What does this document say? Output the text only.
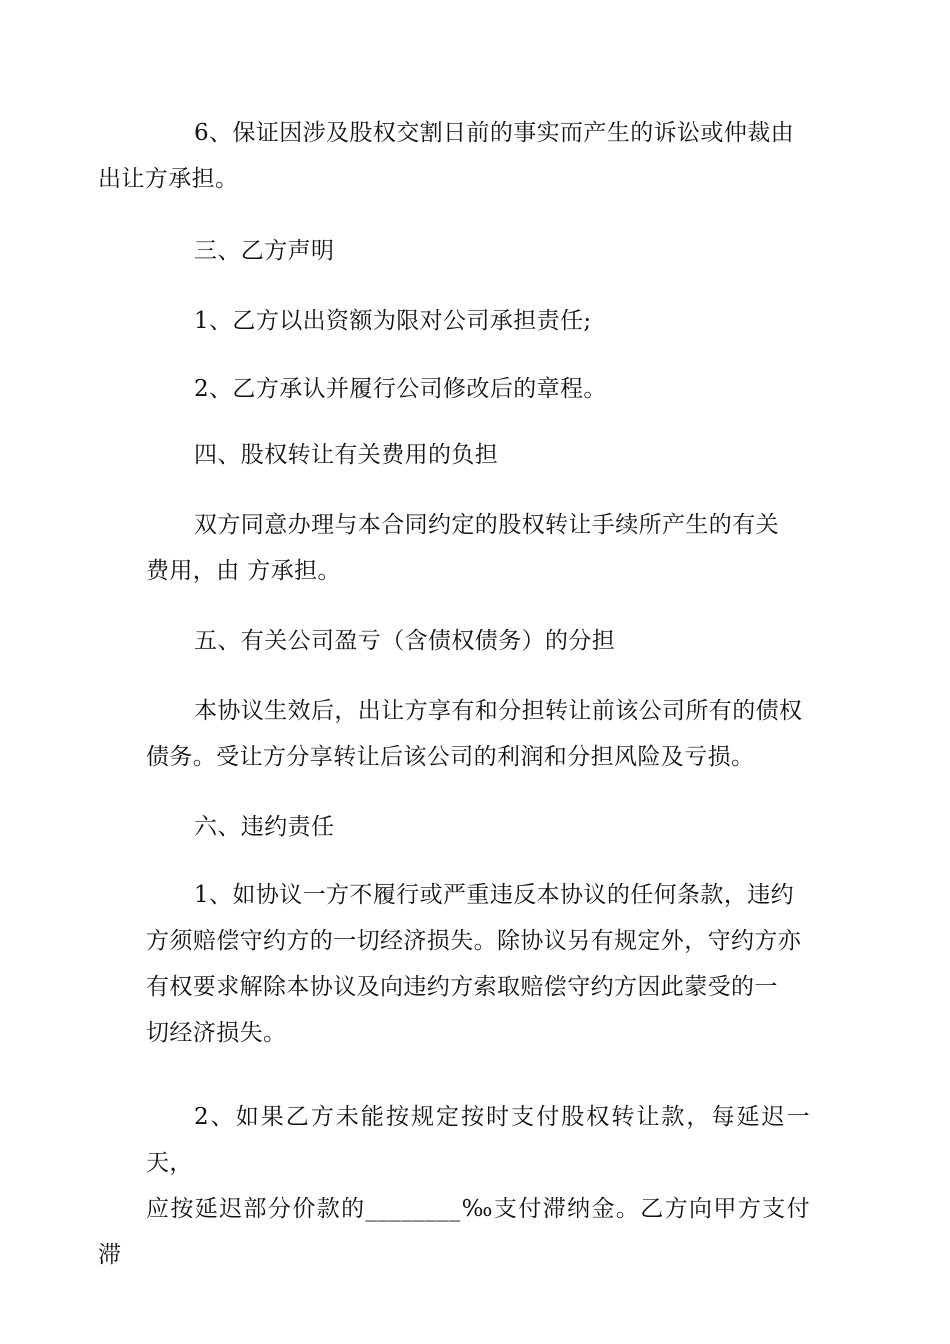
6、保证因涉及股权交割日前的事实而产生的诉讼或仲裁由
出让方承担。

三、乙方声明

1、乙方以出资额为限对公司承担责任;

2、乙方承认并履行公司修改后的章程。

四、股权转让有关费用的负担

双方同意办理与本合同约定的股权转让手续所产生的有关
费用，由 方承担。

五、有关公司盈亏（含债权债务）的分担

本协议生效后，出让方享有和分担转让前该公司所有的债权
债务。受让方分享转让后该公司的利润和分担风险及亏损。

六、违约责任

1、如协议一方不履行或严重违反本协议的任何条款，违约
方须赔偿守约方的一切经济损失。除协议另有规定外，守约方亦
有权要求解除本协议及向违约方索取赔偿守约方因此蒙受的一
切经济损失。

2、如果乙方未能按规定按时支付股权转让款，每延迟一天，
应按延迟部分价款的________‰支付滞纳金。乙方向甲方支付滞
